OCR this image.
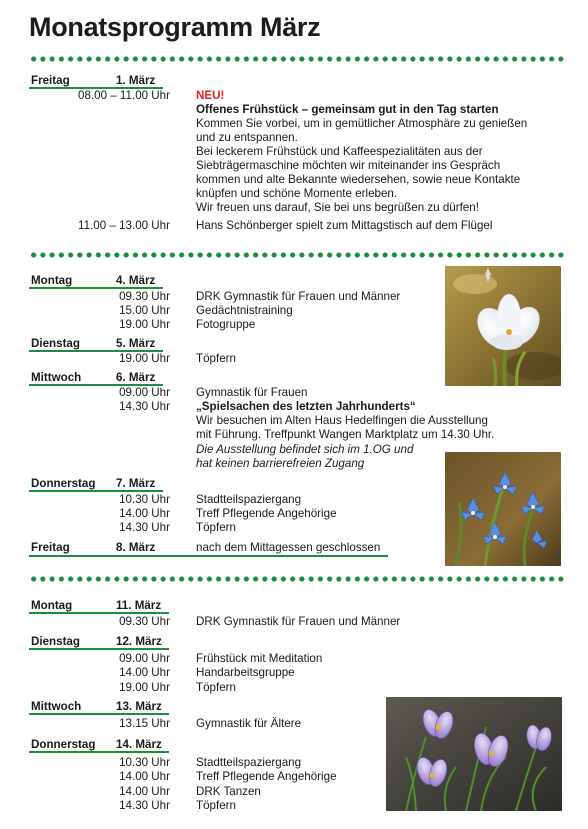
Monatsprogramm März
Freitag	1. März
08.00 – 11.00 Uhr NEU!
Offenes Frühstück – gemeinsam gut in den Tag starten
Kommen Sie vorbei, um in gemütlicher Atmosphäre zu genießen
und zu entspannen.
Bei leckerem Frühstück und Kaffeespezialitäten aus der
Siebträgermaschine möchten wir miteinander ins Gespräch
kommen und alte Bekannte wiedersehen, sowie neue Kontakte
knüpfen und schöne Momente erleben.
Wir freuen uns darauf, Sie bei uns begrüßen zu dürfen!
11.00 – 13.00 Uhr Hans Schönberger spielt zum Mittagstisch auf dem Flügel
Montag	4. März
09.30 Uhr DRK Gymnastik für Frauen und Männer
15.00 Uhr Gedächtnistraining
19.00 Uhr Fotogruppe
Dienstag	5. März
19.00 Uhr Töpfern
Mittwoch	6. März
09.00 Uhr Gymnastik für Frauen
14.30 Uhr „Spielsachen des letzten Jahrhunderts“
Wir besuchen im Alten Haus Hedelfingen die Ausstellung
mit Führung. Treffpunkt Wangen Marktplatz um 14.30 Uhr.
Die Ausstellung befindet sich im 1.OG und
hat keinen barrierefreien Zugang
Donnerstag 7. März
10.30 Uhr Stadtteilspaziergang
14.00 Uhr Treff Pflegende Angehörige
14.30 Uhr Töpfern
Freitag	8. März	nach dem Mittagessen geschlossen
Montag	11. März
09.30 Uhr DRK Gymnastik für Frauen und Männer
Dienstag	12. März
09.00 Uhr Frühstück mit Meditation
14.00 Uhr Handarbeitsgruppe
19.00 Uhr Töpfern
Mittwoch	13. März
13.15 Uhr Gymnastik für Ältere
Donnerstag 14. März
10.30 Uhr Stadtteilspaziergang
14.00 Uhr Treff Pflegende Angehörige
14.00 Uhr DRK Tanzen
14.30 Uhr Töpfern
